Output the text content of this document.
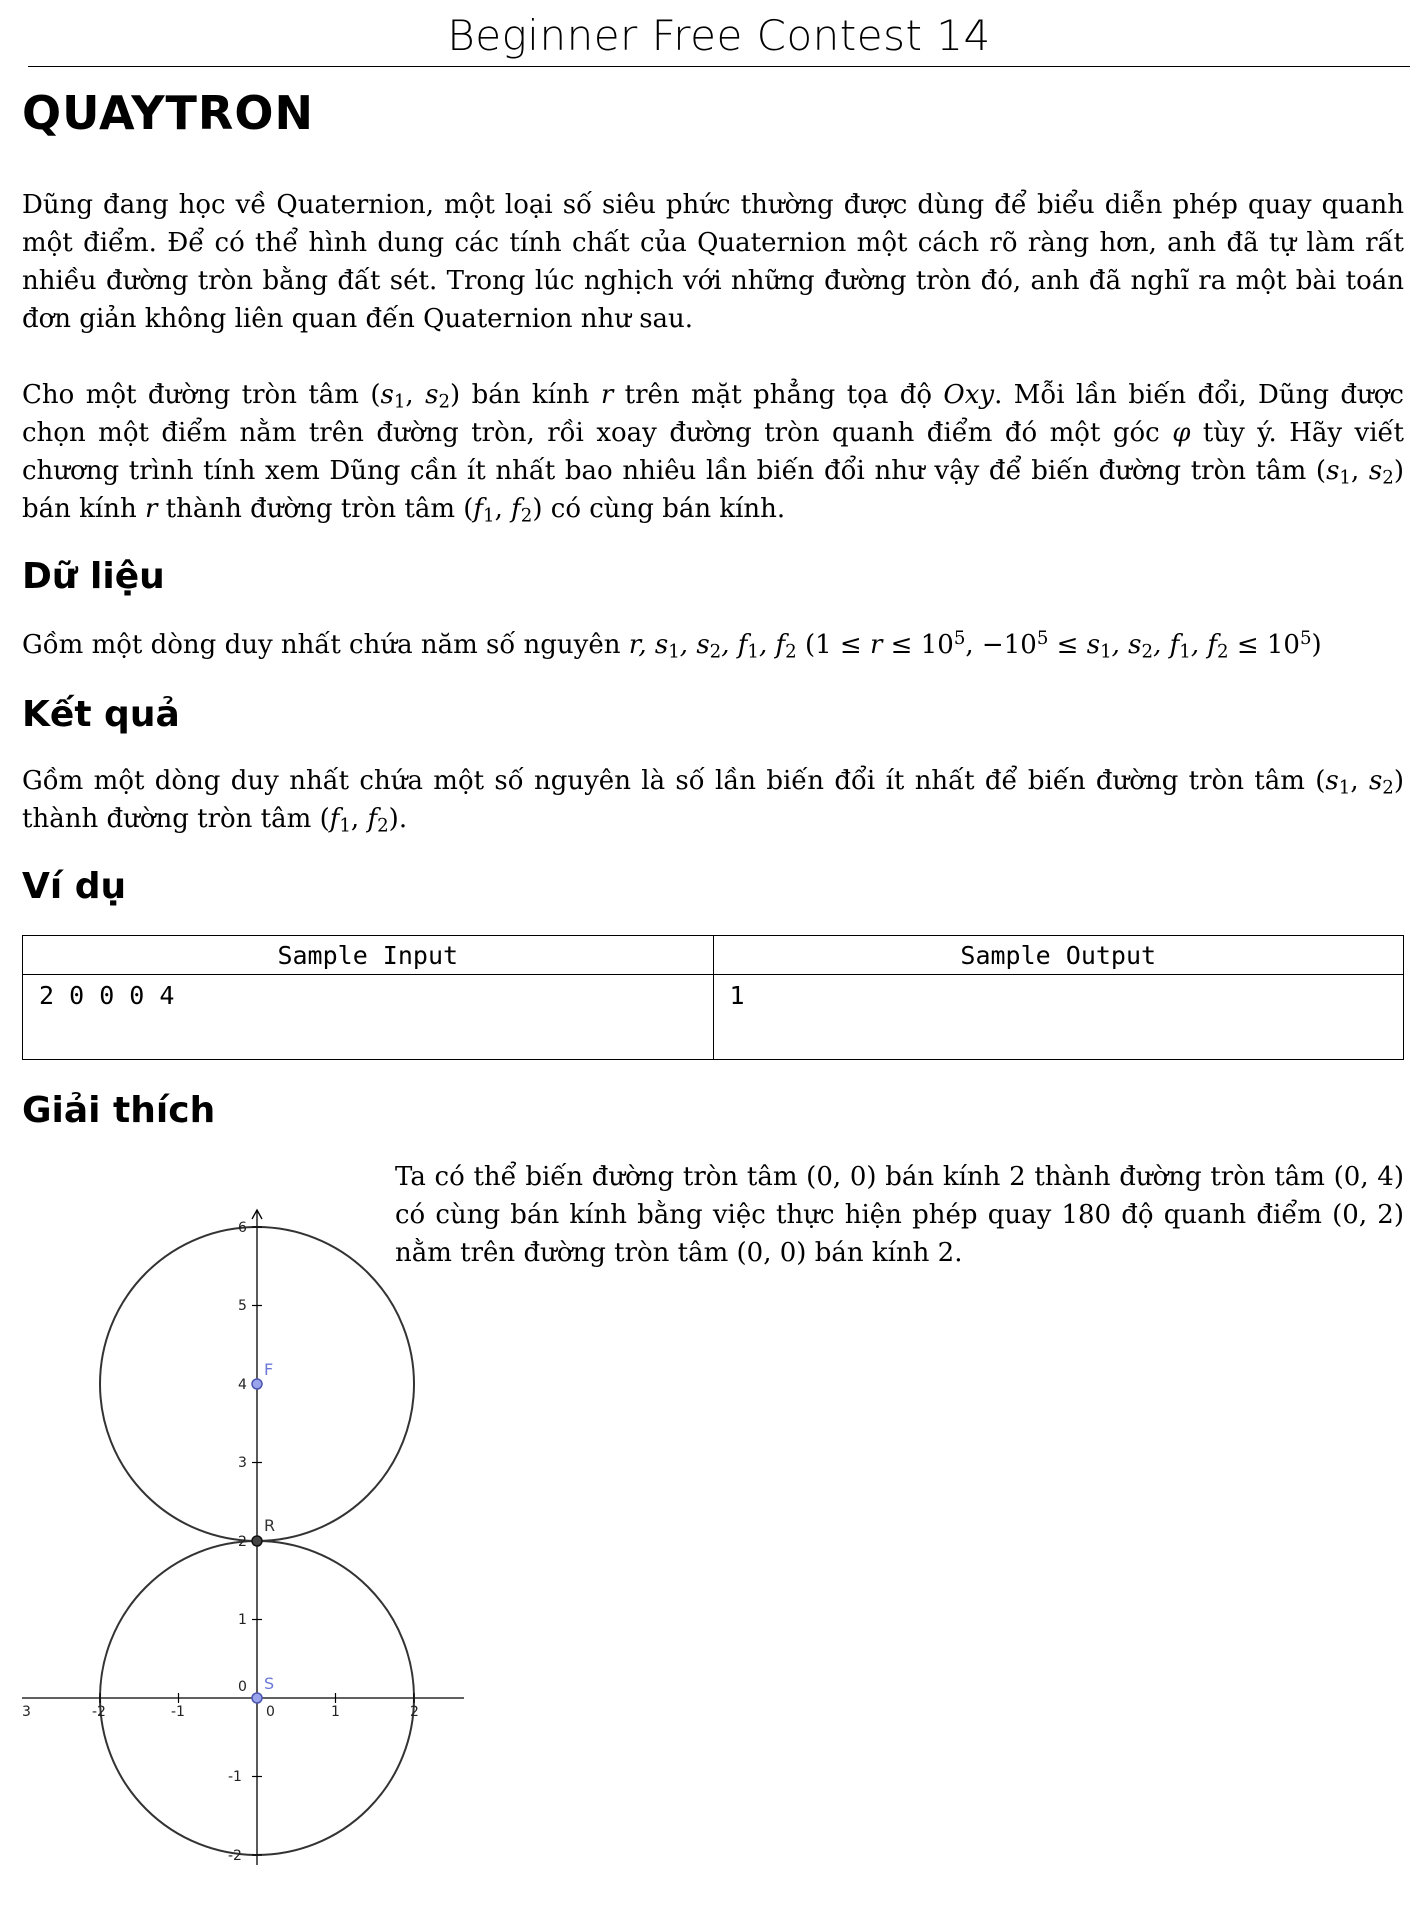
Beginner Free Contest 14
QUAYTRON

Dũng đang học về Quaternion, một loại số siêu phức thường được dùng để biểu diễn phép quay quanh một điểm. Để có thể hình dung các tính chất của Quaternion một cách rõ ràng hơn, anh đã tự làm rất nhiều đường tròn bằng đất sét. Trong lúc nghịch với những đường tròn đó, anh đã nghĩ ra một bài toán đơn giản không liên quan đến Quaternion như sau.

Cho một đường tròn tâm ($s_1$, $s_2$) bán kính r trên mặt phẳng tọa độ Oxy. Mỗi lần biến đổi, Dũng được chọn một điểm nằm trên đường tròn, rồi xoay đường tròn quanh điểm đó một góc φ tùy ý. Hãy viết chương trình tính xem Dũng cần ít nhất bao nhiêu lần biến đổi như vậy để biến đường tròn tâm ($s_1$, $s_2$) bán kính r thành đường tròn tâm ($f_1$, $f_2$) có cùng bán kính.

Dữ liệu

Gồm một dòng duy nhất chứa năm số nguyên r, $s_1$, $s_2$, $f_1$, $f_2$ ($1 \le r \le 10^5$, $-10^5 \le s_1$, $s_2$, $f_1$, $f_2 \le 10^5$)

Kết quả

Gồm một dòng duy nhất chứa một số nguyên là số lần biến đổi ít nhất để biến đường tròn tâm ($s_1$, $s_2$) thành đường tròn tâm ($f_1$, $f_2$).

Ví dụ
Sample Input	Sample Output
2 0 0 0 4	1
Giải thích

Ta có thể biến đường tròn tâm (0, 0) bán kính 2 thành đường tròn tâm (0, 4) có cùng bán kính bằng việc thực hiện phép quay 180 độ quanh điểm (0, 2) nằm trên đường tròn tâm (0, 0) bán kính 2.

3	-2	-1	0	1	2
6
5
4
3
2
1
0
-1
-2
F
R
S
